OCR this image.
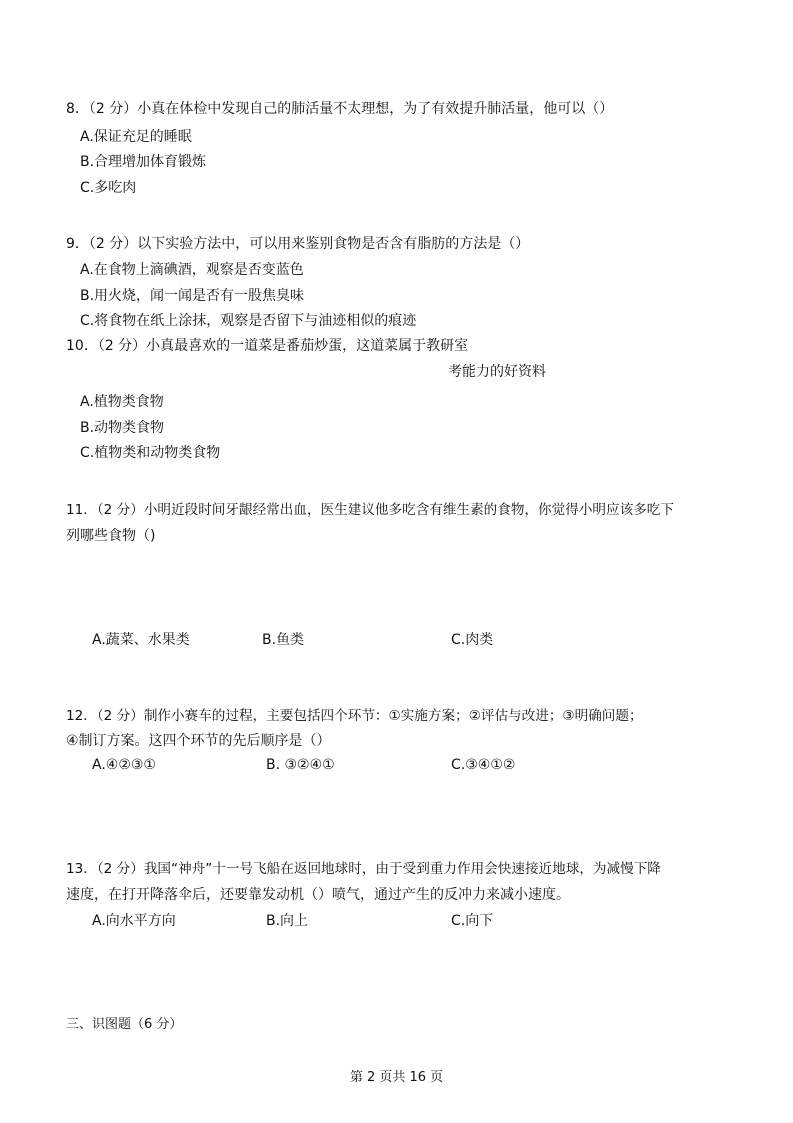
8．（2 分）小真在体检中发现自己的肺活量不太理想，为了有效提升肺活量，他可以（）
A.保证充足的睡眠
B.合理增加体育锻炼
C.多吃肉
9．（2 分）以下实验方法中，可以用来鉴别食物是否含有脂肪的方法是（）
A.在食物上滴碘酒，观察是否变蓝色
B.用火烧，闻一闻是否有一股焦臭味
C.将食物在纸上涂抹，观察是否留下与油迹相似的痕迹
10．（2 分）小真最喜欢的一道菜是番茄炒蛋，这道菜属于教研室
考能力的好资料
A.植物类食物
B.动物类食物
C.植物类和动物类食物
11．（2 分）小明近段时间牙龈经常出血，医生建议他多吃含有维生素的食物，你觉得小明应该多吃下
列哪些食物（)
A.蔬菜、水果类	B.鱼类	C.肉类
12．（2 分）制作小赛车的过程，主要包括四个环节：①实施方案；②评估与改进；③明确问题；
④制订方案。这四个环节的先后顺序是（）
A.④②③①	B. ③②④①	C.③④①②
13．（2 分）我国“神舟”十一号飞船在返回地球时，由于受到重力作用会快速接近地球，为减慢下降
速度，在打开降落伞后，还要靠发动机（）喷气，通过产生的反冲力来减小速度。
A.向水平方向	B.向上	C.向下
三、识图题（6 分）
第 2 页共 16 页
